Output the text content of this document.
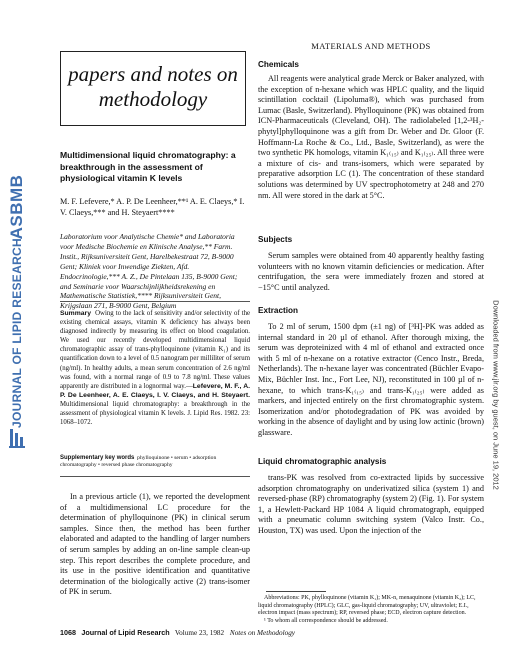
ASBMB
JOURNAL OF LIPID RESEARCH	Downloaded from www.jlr.org by guest, on June 19, 2012
papers and notes on
methodology
Multidimensional liquid chromatography: a breakthrough in the assessment of physiological vitamin K levels
M. F. Lefevere,* A. P. De Leenheer,**¹ A. E. Claeys,* I. V. Claeys,*** and H. Steyaert****
Laboratorium voor Analytische Chemie* and Laboratoria voor Medische Biochemie en Klinische Analyse,** Farm. Instit., Rijksuniversiteit Gent, Harelbekestraat 72, B-9000 Gent; Kliniek voor Inwendige Ziekten, Afd. Endocrinologie,*** A. Z., De Pintelaan 135, B-9000 Gent; and Seminarie voor Waarschijnlijkheidsrekening en Mathematische Statistiek,**** Rijksuniversiteit Gent, Krijgslaan 271, B-9000 Gent, Belgium
Summary Owing to the lack of sensitivity and/or selectivity of the existing chemical assays, vitamin K deficiency has always been diagnosed indirectly by measuring its effect on blood coagulation. We used our recently developed multidimensional liquid chromatographic assay of trans-phylloquinone (vitamin K₁) and its quantification down to a level of 0.5 nanogram per milliliter of serum (ng/ml). In healthy adults, a mean serum concentration of 2.6 ng/ml was found, with a normal range of 0.9 to 7.8 ng/ml. These values apparently are distributed in a lognormal way.—Lefevere, M. F., A. P. De Leenheer, A. E. Claeys, I. V. Claeys, and H. Steyaert. Multidimensional liquid chromatography: a breakthrough in the assessment of physiological vitamin K levels. J. Lipid Res. 1982. 23: 1068–1072.
Supplementary key words phylloquinone • serum • adsorption chromatography • reversed phase chromatography
In a previous article (1), we reported the development of a multidimensional LC procedure for the determination of phylloquinone (PK) in clinical serum samples. Since then, the method has been further elaborated and adapted to the handling of larger numbers of serum samples by adding an on-line sample clean-up step. This report describes the complete procedure, and its use in the positive identification and quantitative determination of the biologically active (2) trans-isomer of PK in serum.
MATERIALS AND METHODS
Chemicals
All reagents were analytical grade Merck or Baker analyzed, with the exception of n-hexane which was HPLC quality, and the liquid scintillation cocktail (Lipoluma®), which was purchased from Lumac (Basle, Switzerland). Phylloquinone (PK) was obtained from ICN-Pharmaceuticals (Cleveland, OH). The radiolabeled [1,2-³H₂-phytyl]phylloquinone was a gift from Dr. Weber and Dr. Gloor (F. Hoffmann-La Roche & Co., Ltd., Basle, Switzerland), as were the two synthetic PK homologs, vitamin K₁₍₁₅₎ and K₁₍₂₅₎. All three were a mixture of cis- and trans-isomers, which were separated by preparative adsorption LC (1). The concentration of these standard solutions was determined by UV spectrophotometry at 248 and 270 nm. All were stored in the dark at 5°C.
Subjects
Serum samples were obtained from 40 apparently healthy fasting volunteers with no known vitamin deficiencies or medication. After centrifugation, the sera were immediately frozen and stored at −15°C until analyzed.
Extraction
To 2 ml of serum, 1500 dpm (±1 ng) of [³H]-PK was added as internal standard in 20 µl of ethanol. After thorough mixing, the serum was deproteinized with 4 ml of ethanol and extracted once with 5 ml of n-hexane on a rotative extractor (Cenco Instr., Breda, Netherlands). The n-hexane layer was concentrated (Büchler Evapo-Mix, Büchler Inst. Inc., Fort Lee, NJ), reconstituted in 100 µl of n-hexane, to which trans-K₁₍₁₅₎ and trans-K₁₍₂₅₎ were added as markers, and injected entirely on the first chromatographic system. Isomerization and/or photodegradation of PK was avoided by working in the absence of daylight and by using low actinic (brown) glassware.
Liquid chromatographic analysis
trans-PK was resolved from co-extracted lipids by successive adsorption chromatography on underivatized silica (system 1) and reversed-phase (RP) chromatography (system 2) (Fig. 1). For system 1, a Hewlett-Packard HP 1084 A liquid chromatograph, equipped with a pneumatic column switching system (Valco Instr. Co., Houston, TX) was used. Upon the injection of the
Abbreviations: PK, phylloquinone (vitamin K₁); MK-n, menaquinone (vitamin K₂); LC, liquid chromatography (HPLC); GLC, gas-liquid chromatography; UV, ultraviolet; E.I., electron impact (mass spectrum); RP, reversed phase; ECD, electron capture detection.
¹ To whom all correspondence should be addressed.
1068 Journal of Lipid Research Volume 23, 1982 Notes on Methodology
